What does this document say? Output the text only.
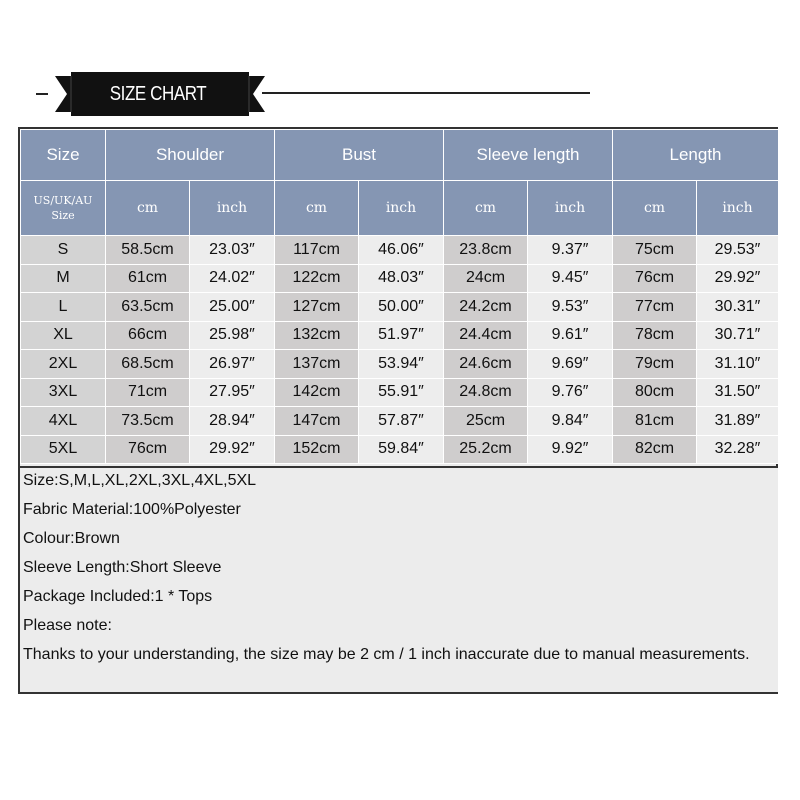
SIZE CHART
Size	Shoulder		Bust		Sleeve length		Length	
US/UK/AU
Size	cm	inch	cm	inch	cm	inch	cm	inch
S	58.5cm	23.03″	117cm	46.06″	23.8cm	9.37″	75cm	29.53″
M	61cm	24.02″	122cm	48.03″	24cm	9.45″	76cm	29.92″
L	63.5cm	25.00″	127cm	50.00″	24.2cm	9.53″	77cm	30.31″
XL	66cm	25.98″	132cm	51.97″	24.4cm	9.61″	78cm	30.71″
2XL	68.5cm	26.97″	137cm	53.94″	24.6cm	9.69″	79cm	31.10″
3XL	71cm	27.95″	142cm	55.91″	24.8cm	9.76″	80cm	31.50″
4XL	73.5cm	28.94″	147cm	57.87″	25cm	9.84″	81cm	31.89″
5XL	76cm	29.92″	152cm	59.84″	25.2cm	9.92″	82cm	32.28″
Size:S,M,L,XL,2XL,3XL,4XL,5XL
Fabric Material:100%Polyester
Colour:Brown
Sleeve Length:Short Sleeve
Package Included:1 * Tops
Please note:
Thanks to your understanding, the size may be 2 cm / 1 inch inaccurate due to manual measurements.
